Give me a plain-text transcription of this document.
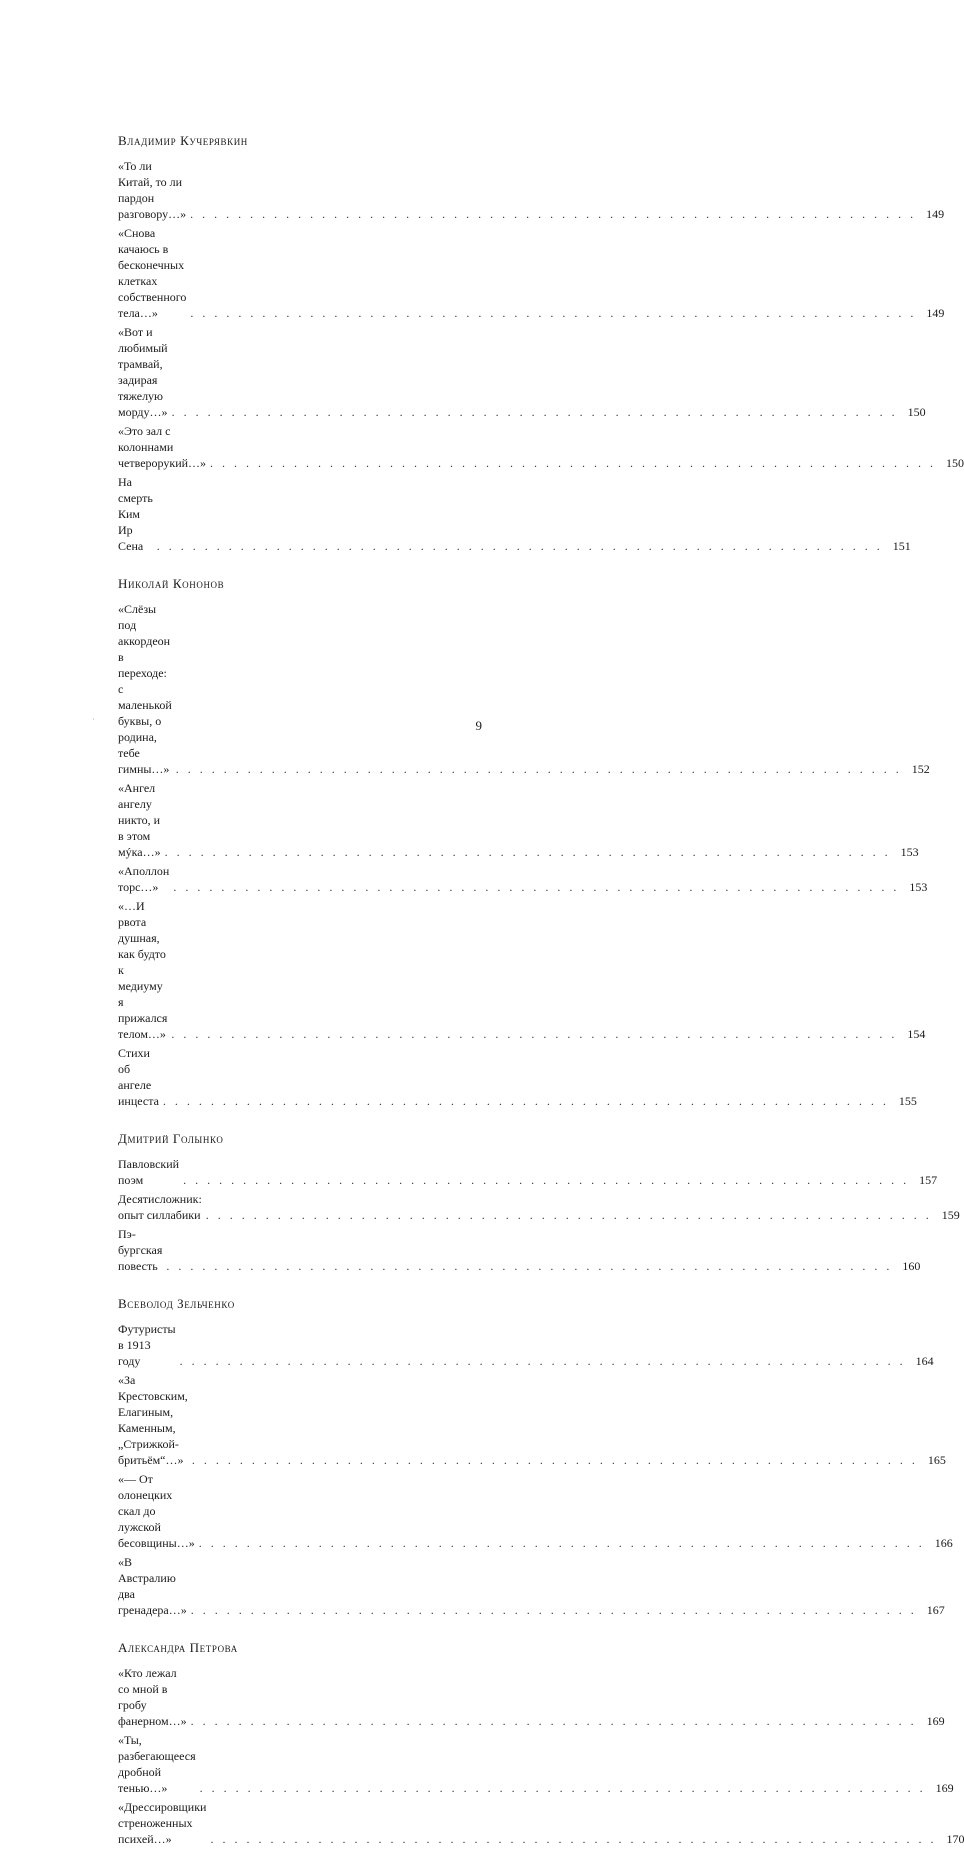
Владимир Кучерявкин
«То ли Китай, то ли пардон разговору…» . . .	149
«Снова качаюсь в бесконечных клетках
собственного тела…» . . .	149
«Вот и любимый трамвай,
задирая тяжелую морду…» . . .	150
«Это зал с колоннами четверорукий…» . . .	150
На смерть Ким Ир Сена . . .	151
Николай Кононов
«Слёзы под аккордеон в переходе:
с маленькой буквы, о родина, тебе гимны…» . . .	152
«Ангел ангелу никто, и в этом мýка…» . . .	153
«Аполлон торс…» . . .	153
«…И рвота душная, как будто к медиуму
я прижался телом…» . . .	154
Стихи об ангеле инцеста . . .	155
Дмитрий Голынко
Павловский поэм . . .	157
Десятисложник: опыт силлабики . . .	159
Пэ-бургская повесть . . .	160
Всеволод Зельченко
Футуристы в 1913 году . . .	164
«За Крестовским, Елагиным,
Каменным, „Стрижкой-бритьём“…» . . .	165
«— От олонецких скал до лужской бесовщины…» . . .	166
«В Австралию два гренадера…» . . .	167
Александра Петрова
«Кто лежал со мной в гробу фанерном…» . . .	169
«Ты, разбегающееся дробной тенью…» . . .	169
«Дрессировщики стреноженных психей…» . . .	170
·	9
